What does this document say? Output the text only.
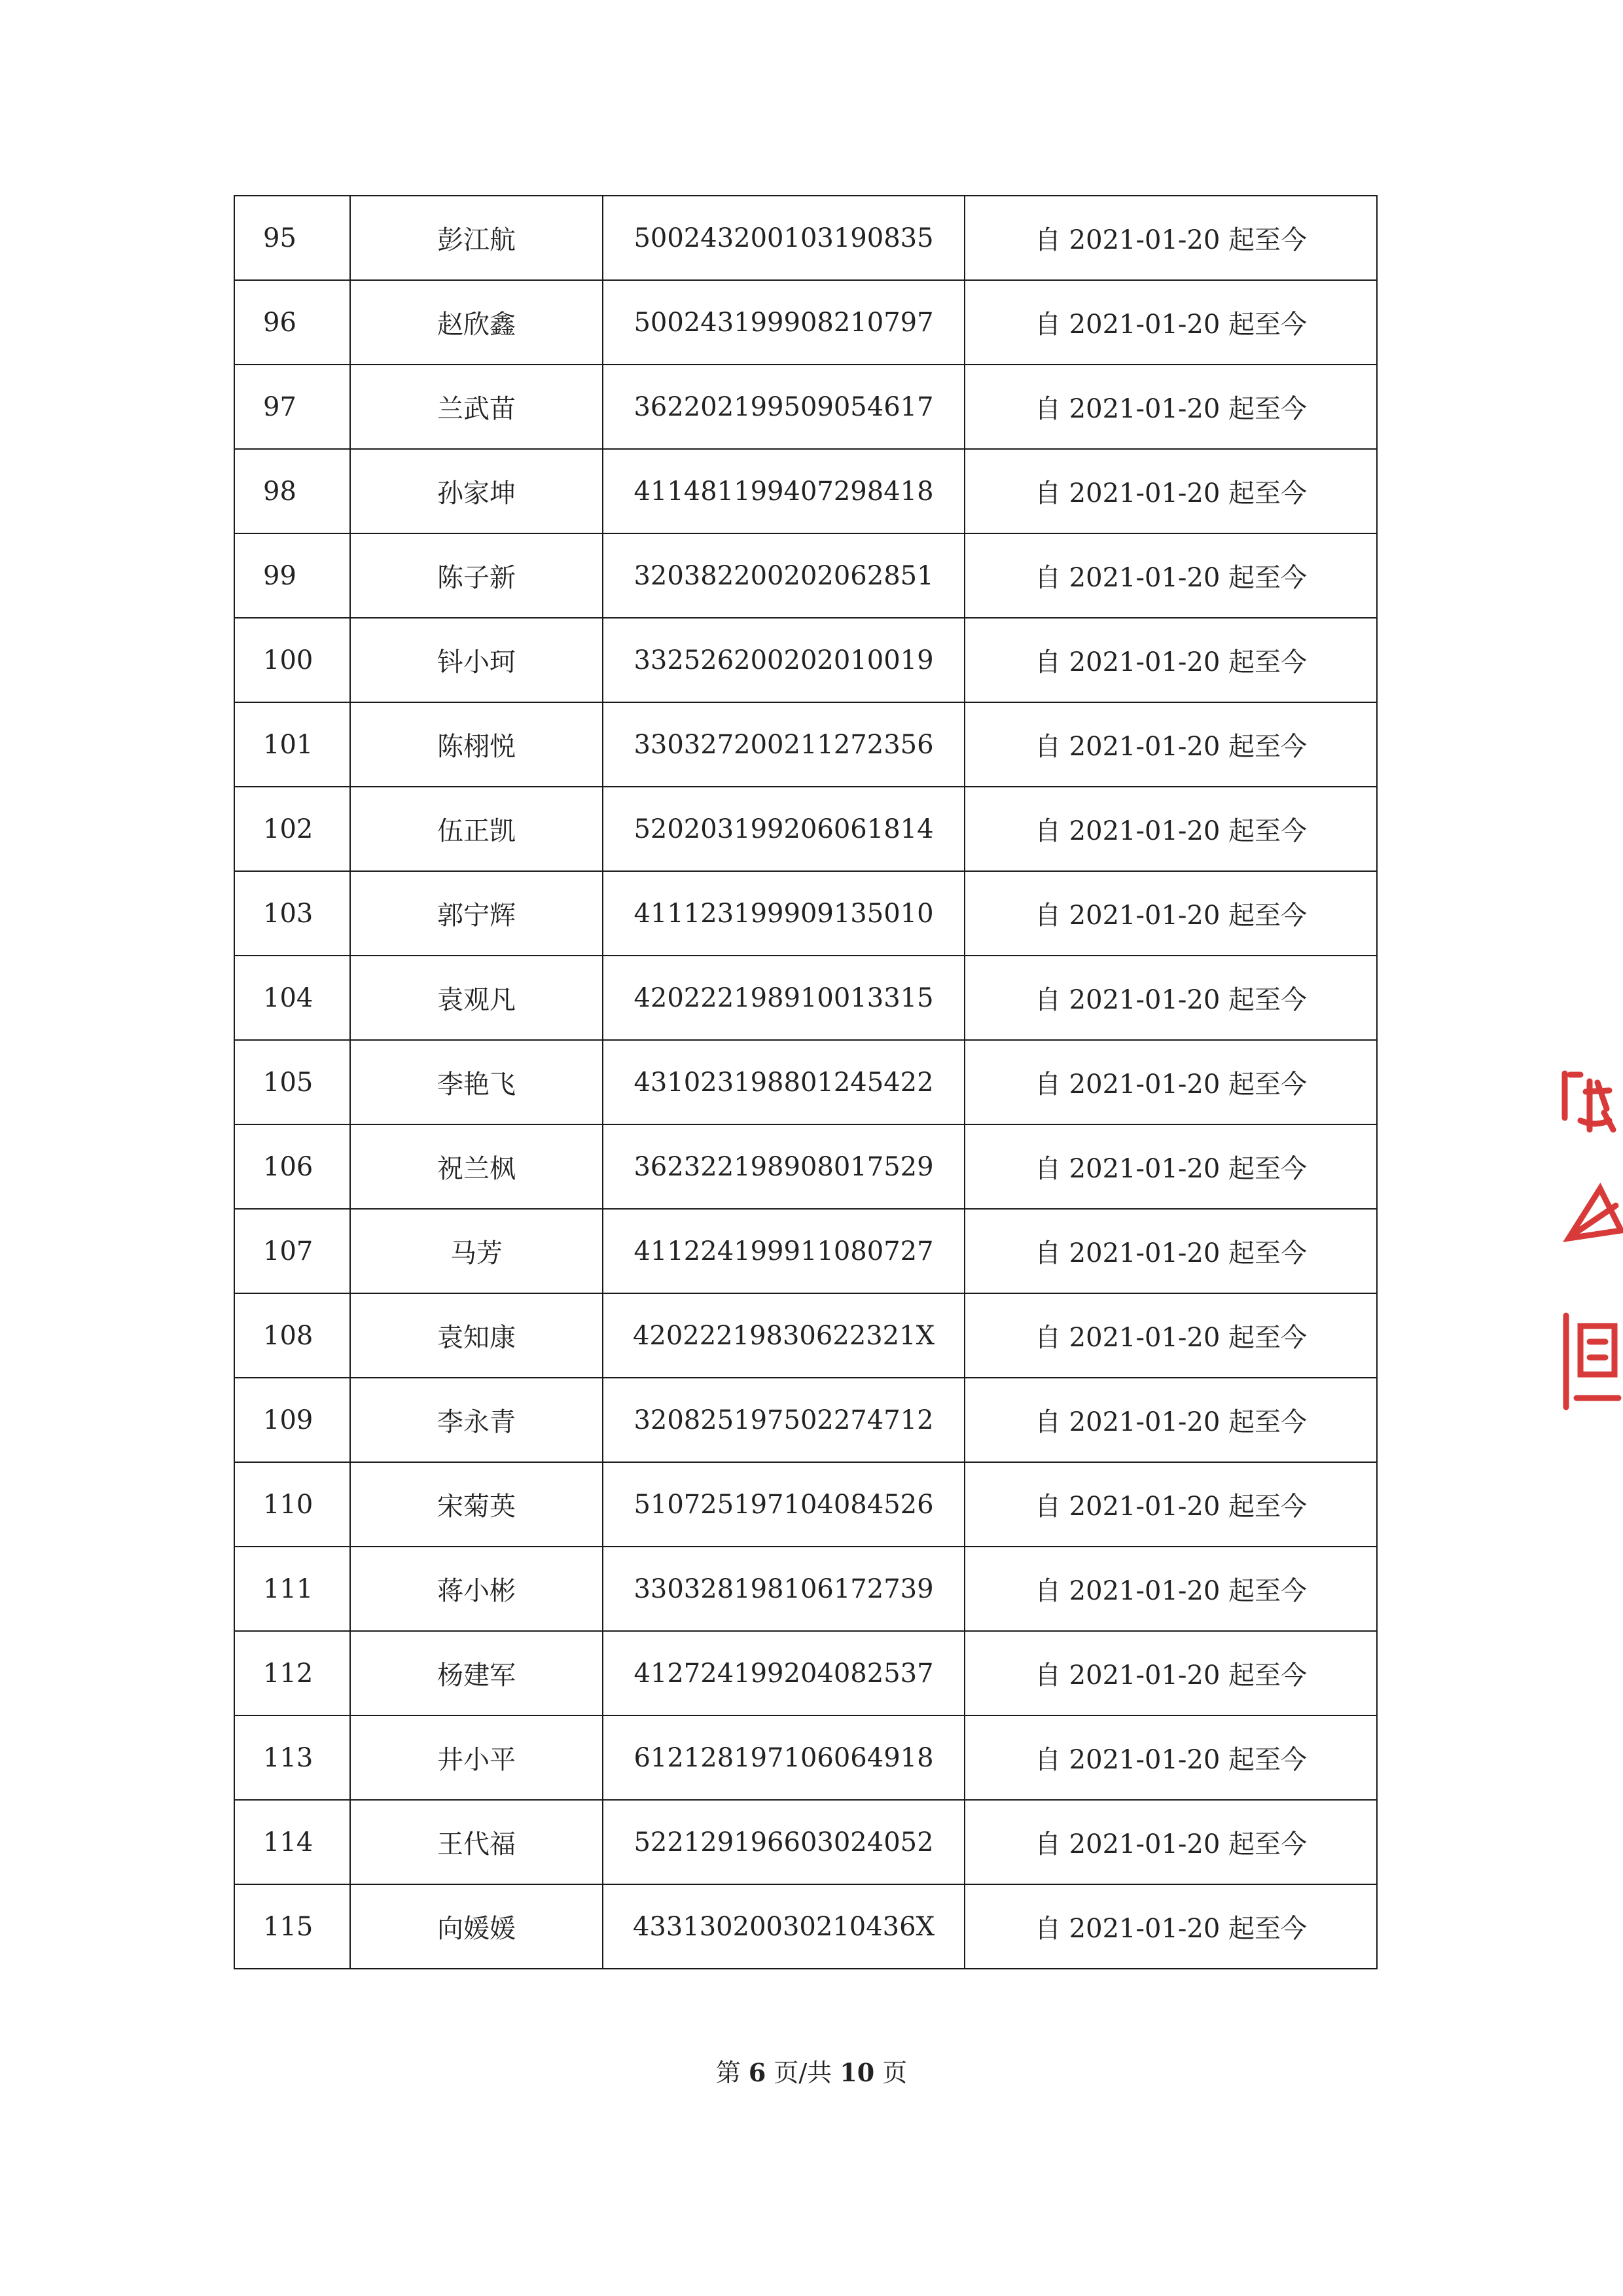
95	彭江航	500243200103190835	自 2021-01-20 起至今
96	赵欣鑫	500243199908210797	自 2021-01-20 起至今
97	兰武苗	362202199509054617	自 2021-01-20 起至今
98	孙家坤	411481199407298418	自 2021-01-20 起至今
99	陈子新	320382200202062851	自 2021-01-20 起至今
100	钭小珂	332526200202010019	自 2021-01-20 起至今
101	陈栩悦	330327200211272356	自 2021-01-20 起至今
102	伍正凯	520203199206061814	自 2021-01-20 起至今
103	郭宁辉	411123199909135010	自 2021-01-20 起至今
104	袁观凡	420222198910013315	自 2021-01-20 起至今
105	李艳飞	431023198801245422	自 2021-01-20 起至今
106	祝兰枫	362322198908017529	自 2021-01-20 起至今
107	马芳	411224199911080727	自 2021-01-20 起至今
108	袁知康	42022219830622321X	自 2021-01-20 起至今
109	李永青	320825197502274712	自 2021-01-20 起至今
110	宋菊英	510725197104084526	自 2021-01-20 起至今
111	蒋小彬	330328198106172739	自 2021-01-20 起至今
112	杨建军	412724199204082537	自 2021-01-20 起至今
113	井小平	612128197106064918	自 2021-01-20 起至今
114	王代福	522129196603024052	自 2021-01-20 起至今
115	向媛媛	43313020030210436X	自 2021-01-20 起至今
第 6 页/共 10 页
